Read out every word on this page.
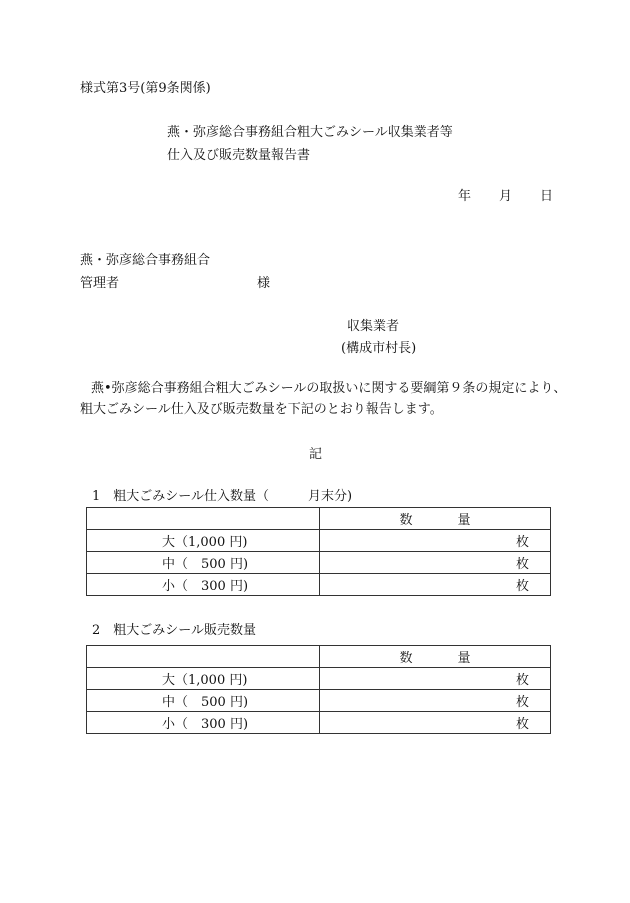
様式第3号(第9条関係)
燕・弥彦総合事務組合粗大ごみシール収集業者等
仕入及び販売数量報告書
年 月 日
燕・弥彦総合事務組合
管理者	様
収集業者
(構成市村長)
燕•弥彦総合事務組合粗大ごみシールの取扱いに関する要綱第９条の規定により、
粗大ごみシール仕入及び販売数量を下記のとおり報告します。
記
1　粗大ごみシール仕入数量（　　　月末分)
	数 量
大（1,000 円)	枚
中（　500 円)	枚
小（　300 円)	枚
2　粗大ごみシール販売数量
	数 量
大（1,000 円)	枚
中（　500 円)	枚
小（　300 円)	枚
